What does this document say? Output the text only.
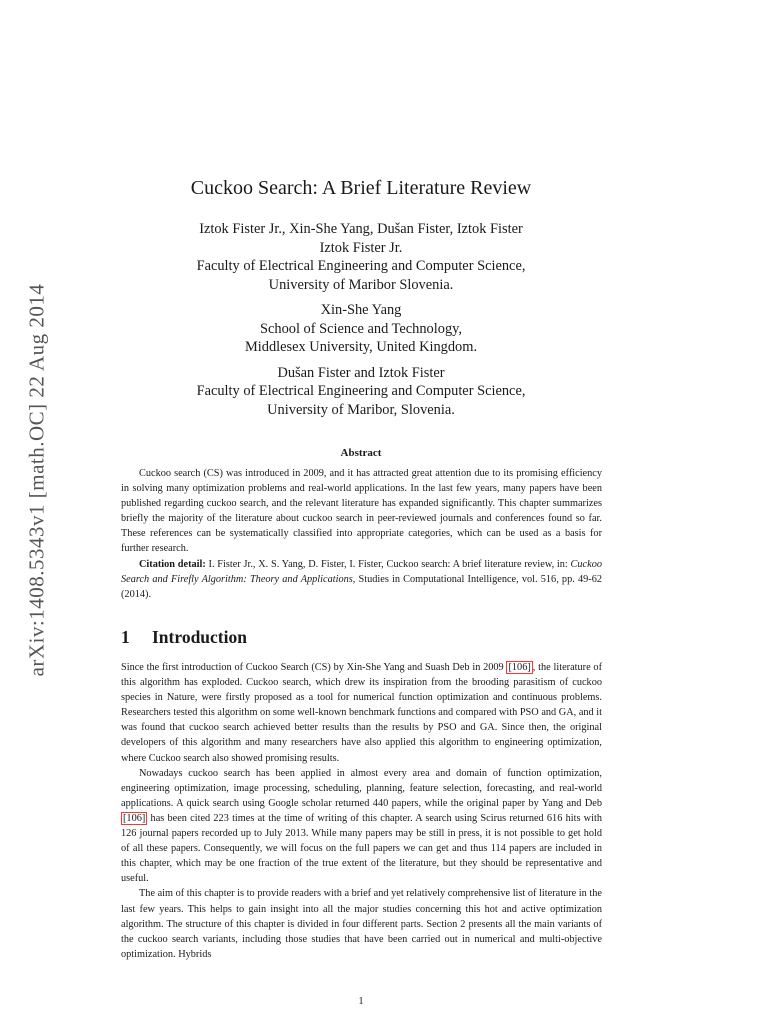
arXiv:1408.5343v1 [math.OC] 22 Aug 2014
Cuckoo Search: A Brief Literature Review
Iztok Fister Jr., Xin-She Yang, Dušan Fister, Iztok Fister
Iztok Fister Jr.
Faculty of Electrical Engineering and Computer Science,
University of Maribor Slovenia.
Xin-She Yang
School of Science and Technology,
Middlesex University, United Kingdom.
Dušan Fister and Iztok Fister
Faculty of Electrical Engineering and Computer Science,
University of Maribor, Slovenia.
Abstract

Cuckoo search (CS) was introduced in 2009, and it has attracted great attention due to its promising efficiency in solving many optimization problems and real-world applications. In the last few years, many papers have been published regarding cuckoo search, and the relevant literature has expanded significantly. This chapter summarizes briefly the majority of the literature about cuckoo search in peer-reviewed journals and conferences found so far. These references can be systematically classified into appropriate categories, which can be used as a basis for further research.

Citation detail: I. Fister Jr., X. S. Yang, D. Fister, I. Fister, Cuckoo search: A brief literature review, in: Cuckoo Search and Firefly Algorithm: Theory and Applications, Studies in Computational Intelligence, vol. 516, pp. 49-62 (2014).

1 Introduction

Since the first introduction of Cuckoo Search (CS) by Xin-She Yang and Suash Deb in 2009 [106] , the literature of this algorithm has exploded. Cuckoo search, which drew its inspiration from the brooding parasitism of cuckoo species in Nature, were firstly proposed as a tool for numerical function optimization and continuous problems. Researchers tested this algorithm on some well-known benchmark functions and compared with PSO and GA, and it was found that cuckoo search achieved better results than the results by PSO and GA. Since then, the original developers of this algorithm and many researchers have also applied this algorithm to engineering optimization, where Cuckoo search also showed promising results.

Nowadays cuckoo search has been applied in almost every area and domain of function optimization, engineering optimization, image processing, scheduling, planning, feature selection, forecasting, and real-world applications. A quick search using Google scholar returned 440 papers, while the original paper by Yang and Deb [106] has been cited 223 times at the time of writing of this chapter. A search using Scirus returned 616 hits with 126 journal papers recorded up to July 2013. While many papers may be still in press, it is not possible to get hold of all these papers. Consequently, we will focus on the full papers we can get and thus 114 papers are included in this chapter, which may be one fraction of the true extent of the literature, but they should be representative and useful.

The aim of this chapter is to provide readers with a brief and yet relatively comprehensive list of literature in the last few years. This helps to gain insight into all the major studies concerning this hot and active optimization algorithm. The structure of this chapter is divided in four different parts. Section 2 presents all the main variants of the cuckoo search variants, including those studies that have been carried out in numerical and multi-objective optimization. Hybrids

1
